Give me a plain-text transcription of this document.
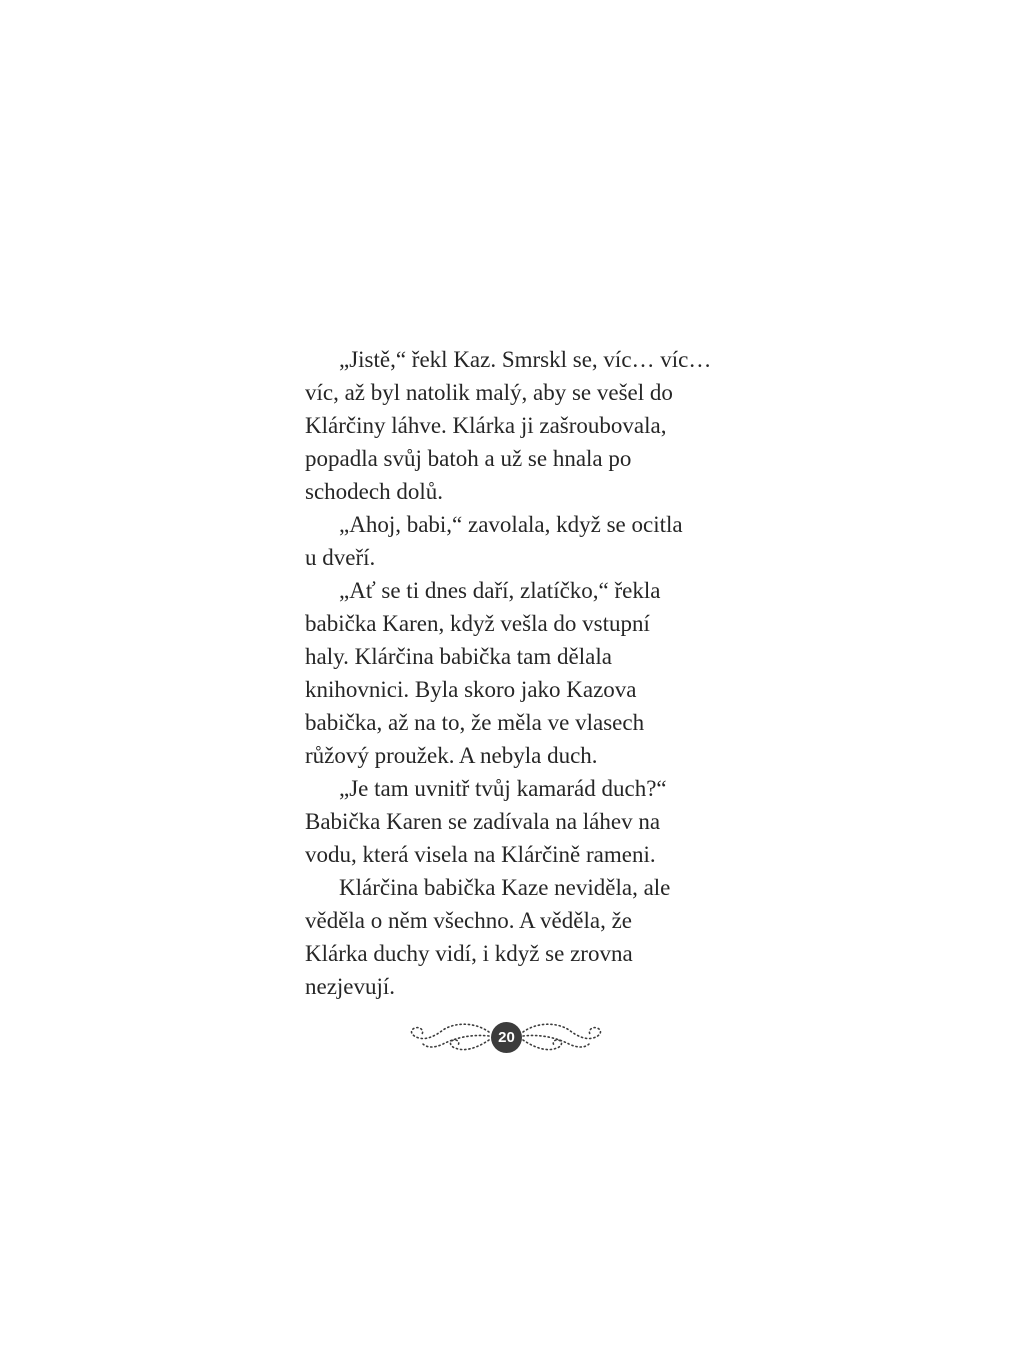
„Jistě,“ řekl Kaz. Smrskl se, víc… víc…
víc, až byl natolik malý, aby se vešel do
Klárčiny láhve. Klárka ji zašroubovala,
popadla svůj batoh a už se hnala po
schodech dolů.
„Ahoj, babi,“ zavolala, když se ocitla
u dveří.
„Ať se ti dnes daří, zlatíčko,“ řekla
babička Karen, když vešla do vstupní
haly. Klárčina babička tam dělala
knihovnici. Byla skoro jako Kazova
babička, až na to, že měla ve vlasech
růžový proužek. A nebyla duch.
„Je tam uvnitř tvůj kamarád duch?“
Babička Karen se zadívala na láhev na
vodu, která visela na Klárčině rameni.
Klárčina babička Kaze neviděla, ale
věděla o něm všechno. A věděla, že
Klárka duchy vidí, i když se zrovna
nezjevují.
20
